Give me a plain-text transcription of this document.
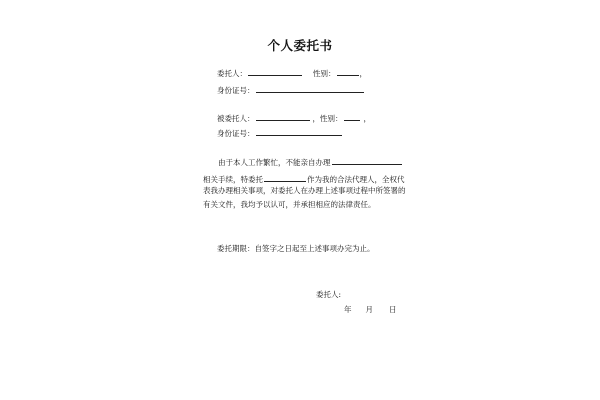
个人委托书
委托人：	性别：	，
身份证号：
被委托人：	，性别：	，
身份证号：
由于本人工作繁忙，不能亲自办理
相关手续，特委托	作为我的合法代理人，全权代
表我办理相关事项，对委托人在办理上述事项过程中所签署的
有关文件，我均予以认可，并承担相应的法律责任。
委托期限：自签字之日起至上述事项办完为止。
委托人:
年 月 日
